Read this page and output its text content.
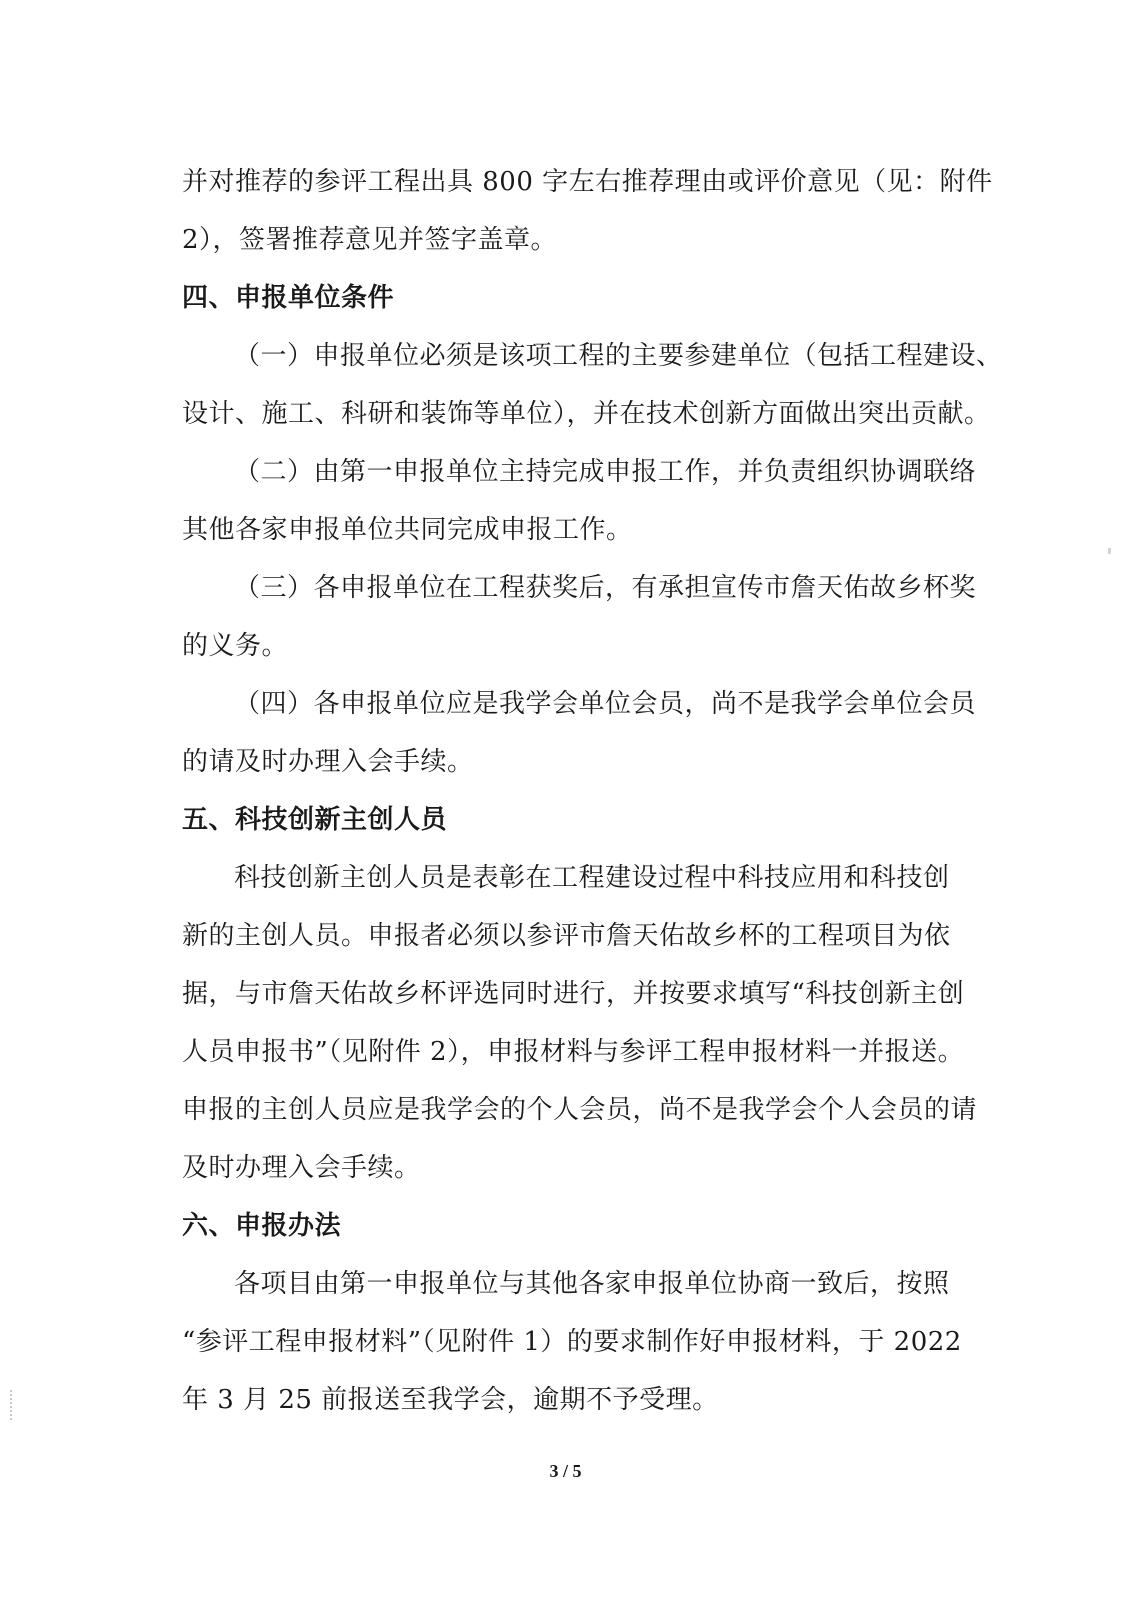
并对推荐的参评工程出具 800 字左右推荐理由或评价意见（见：附件
2），签署推荐意见并签字盖章。
四、申报单位条件
（一）申报单位必须是该项工程的主要参建单位（包括工程建设、
设计、施工、科研和装饰等单位），并在技术创新方面做出突出贡献。
（二）由第一申报单位主持完成申报工作，并负责组织协调联络
其他各家申报单位共同完成申报工作。
（三）各申报单位在工程获奖后，有承担宣传市詹天佑故乡杯奖
的义务。
（四）各申报单位应是我学会单位会员，尚不是我学会单位会员
的请及时办理入会手续。
五、科技创新主创人员
科技创新主创人员是表彰在工程建设过程中科技应用和科技创
新的主创人员。申报者必须以参评市詹天佑故乡杯的工程项目为依
据，与市詹天佑故乡杯评选同时进行，并按要求填写“科技创新主创
人员申报书”（见附件 2），申报材料与参评工程申报材料一并报送。
申报的主创人员应是我学会的个人会员，尚不是我学会个人会员的请
及时办理入会手续。
六、申报办法
各项目由第一申报单位与其他各家申报单位协商一致后，按照
“参评工程申报材料”（见附件 1）的要求制作好申报材料，于 2022
年 3 月 25 前报送至我学会，逾期不予受理。
3 / 5
